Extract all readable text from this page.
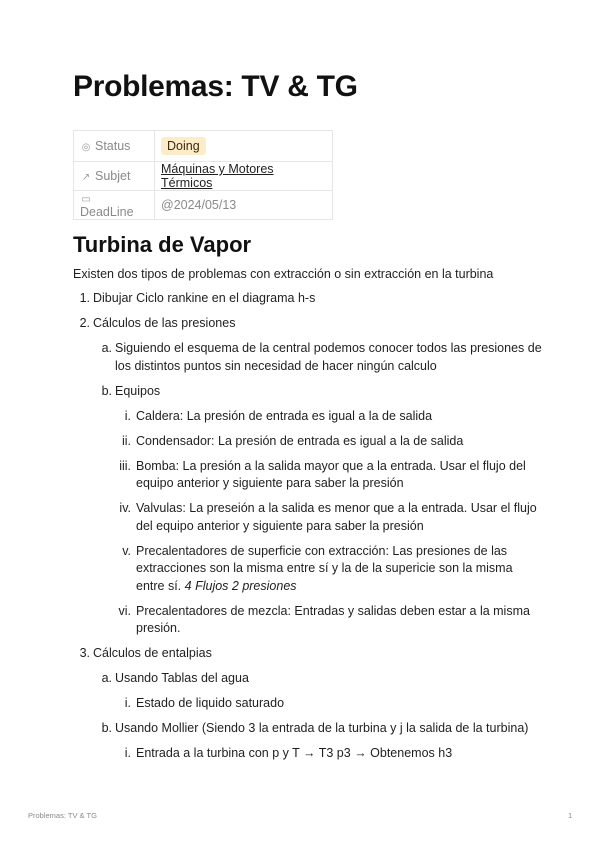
Problemas: TV & TG
◎ Status	Doing
↗ Subjet	Máquinas y Motores Térmicos
▭DeadLine	@2024/05/13
Turbina de Vapor

Existen dos tipos de problemas con extracción o sin extracción en la turbina

1. Dibujar Ciclo rankine en el diagrama h-s
2. Cálculos de las presiones
a. Siguiendo el esquema de la central podemos conocer todos las presiones de los distintos puntos sin necesidad de hacer ningún calculo
b. Equipos
i. Caldera: La presión de entrada es igual a la de salida
ii. Condensador: La presión de entrada es igual a la de salida
iii. Bomba: La presión a la salida mayor que a la entrada. Usar el flujo del equipo anterior y siguiente para saber la presión
iv. Valvulas: La preseión a la salida es menor que a la entrada. Usar el flujo del equipo anterior y siguiente para saber la presión
v. Precalentadores de superficie con extracción: Las presiones de las extracciones son la misma entre sí y la de la supericie son la misma entre sí. 4 Flujos 2 presiones
vi. Precalentadores de mezcla: Entradas y salidas deben estar a la misma presión.
3. Cálculos de entalpias
a. Usando Tablas del agua
i. Estado de liquido saturado
b. Usando Mollier (Siendo 3 la entrada de la turbina y j la salida de la turbina)
i. Entrada a la turbina con p y T → T3 p3 → Obtenemos h3
Problemas: TV & TG	1
